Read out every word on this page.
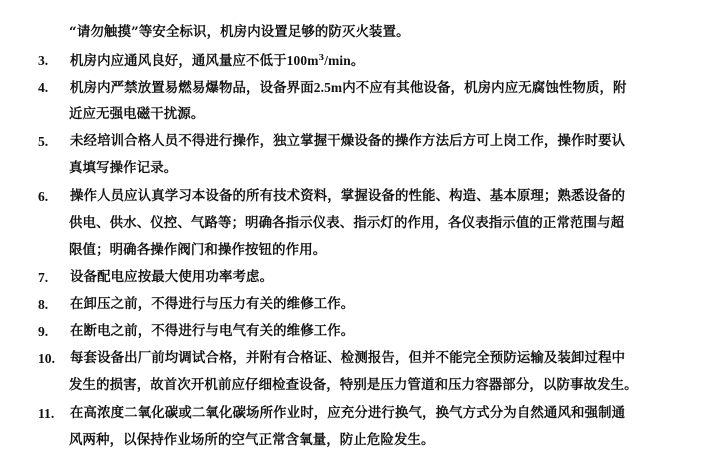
“请勿触摸”等安全标识，机房内设置足够的防灭火装置。
3. 机房内应通风良好，通风量应不低于$100m^3/\min$。
4. 机房内严禁放置易燃易爆物品，设备界面2.5m内不应有其他设备，机房内应无腐蚀性物质，附
近应无强电磁干扰源。
5. 未经培训合格人员不得进行操作，独立掌握干燥设备的操作方法后方可上岗工作，操作时要认
真填写操作记录。
6. 操作人员应认真学习本设备的所有技术资料，掌握设备的性能、构造、基本原理；熟悉设备的
供电、供水、仪控、气路等；明确各指示仪表、指示灯的作用，各仪表指示值的正常范围与超
限值；明确各操作阀门和操作按钮的作用。
7. 设备配电应按最大使用功率考虑。
8. 在卸压之前，不得进行与压力有关的维修工作。
9. 在断电之前，不得进行与电气有关的维修工作。
10. 每套设备出厂前均调试合格，并附有合格证、检测报告，但并不能完全预防运输及装卸过程中
发生的损害，故首次开机前应仔细检查设备，特别是压力管道和压力容器部分，以防事故发生。
11. 在高浓度二氧化碳或二氧化碳场所作业时，应充分进行换气，换气方式分为自然通风和强制通
风两种，以保持作业场所的空气正常含氧量，防止危险发生。
